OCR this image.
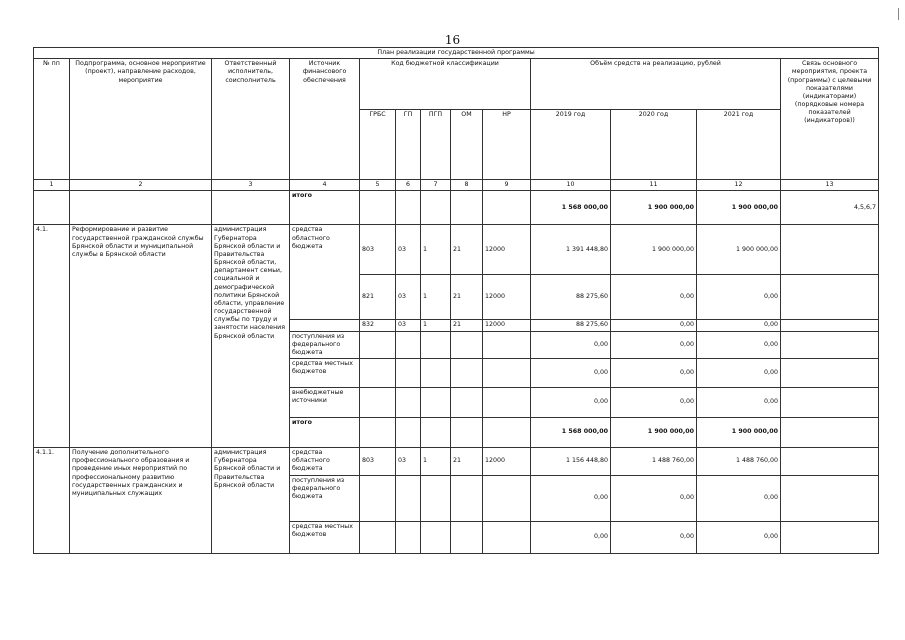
16
План реализации государственной программы												
№ пп	Подпрограмма, основное мероприятие (проект), направление расходов, мероприятие	Ответственный исполнитель, соисполнитель	Источник финансового обеспечения	Код бюджетной классификации					Объём средств на реализацию, рублей			Связь основного мероприятия, проекта (программы) с целевыми показателями (индикаторами) (порядковые номера показателей (индикаторов))
				ГРБС	ГП	ПГП	ОМ	НР	2019 год	2020 год	2021 год	
1	2	3	4	5	6	7	8	9	10	11	12	13
			итого						1 568 000,00	1 900 000,00	1 900 000,00	4,5,6,7
4.1.	Реформирование и развитие государственной гражданской службы Брянской области и муниципальной службы в Брянской области	администрация Губернатора Брянской области и Правительства Брянской области, департамент семьи, социальной и демографической политики Брянской области, управление государственной службы по труду и занятости населения Брянской области	средства областного бюджета	803	03	1	21	12000	1 391 448,80	1 900 000,00	1 900 000,00	
				821	03	1	21	12000	88 275,60	0,00	0,00	
				832	03	1	21	12000	88 275,60	0,00	0,00	
			поступления из федерального бюджета						0,00	0,00	0,00	
			средства местных бюджетов						0,00	0,00	0,00	
			внебюджетные источники						0,00	0,00	0,00	
			итого						1 568 000,00	1 900 000,00	1 900 000,00	
4.1.1.	Получение дополнительного профессионального образования и проведение иных мероприятий по профессиональному развитию государственных гражданских и муниципальных служащих	администрация Губернатора Брянской области и Правительства Брянской области	средства областного бюджета	803	03	1	21	12000	1 156 448,80	1 488 760,00	1 488 760,00	
			поступления из федерального бюджета						0,00	0,00	0,00	
			средства местных бюджетов						0,00	0,00	0,00	
